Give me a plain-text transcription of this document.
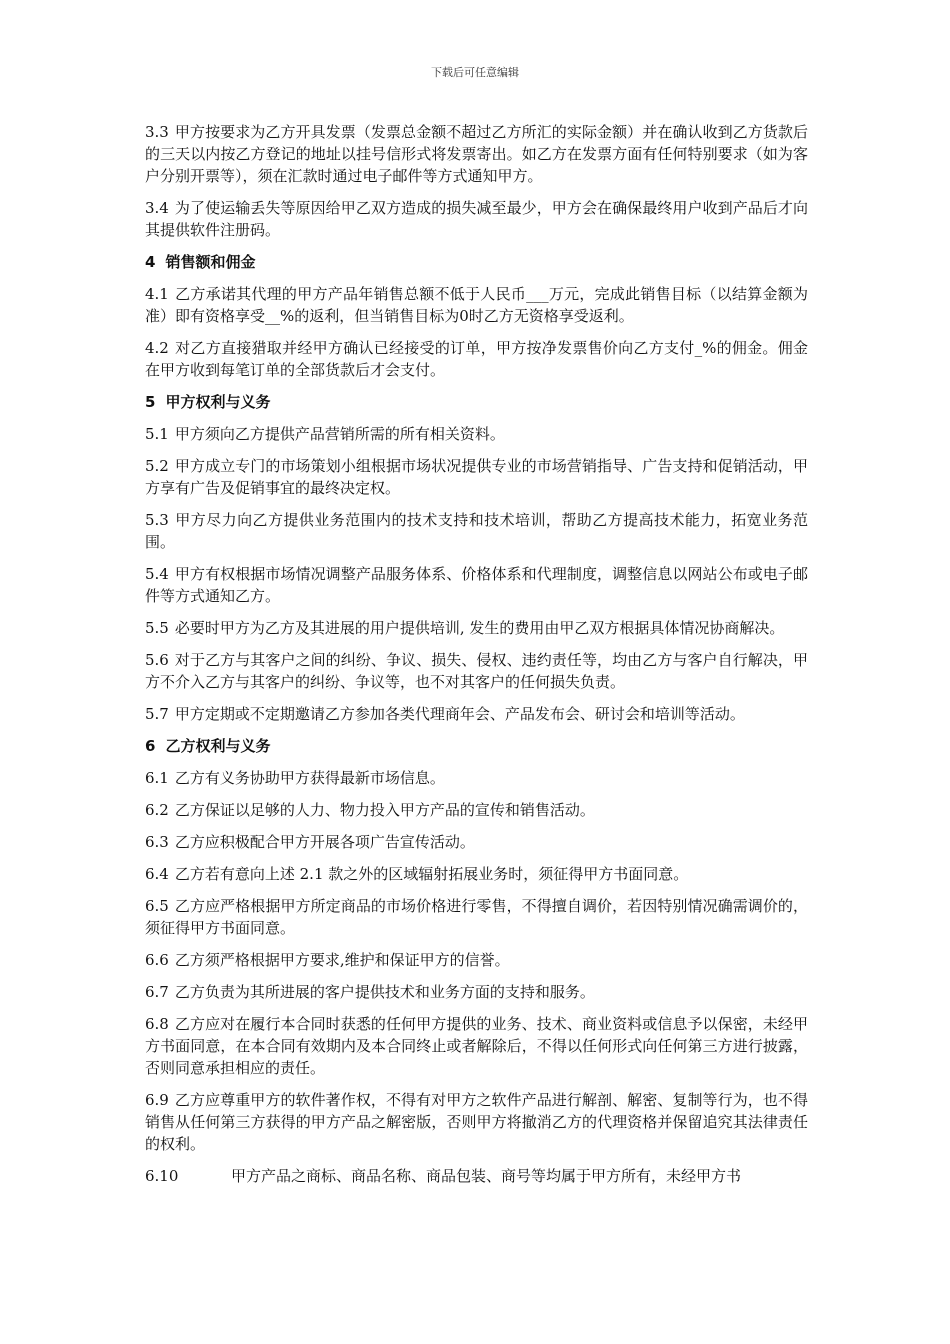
下载后可任意编辑
3.3 甲方按要求为乙方开具发票（发票总金额不超过乙方所汇的实际金额）并在确认收到乙方货款后的三天以内按乙方登记的地址以挂号信形式将发票寄出。如乙方在发票方面有任何特别要求（如为客户分别开票等），须在汇款时通过电子邮件等方式通知甲方。
3.4 为了使运输丢失等原因给甲乙双方造成的损失减至最少，甲方会在确保最终用户收到产品后才向其提供软件注册码。
4 销售额和佣金
4.1 乙方承诺其代理的甲方产品年销售总额不低于人民币___万元，完成此销售目标（以结算金额为准）即有资格享受__%的返利，但当销售目标为0时乙方无资格享受返利。
4.2 对乙方直接猎取并经甲方确认已经接受的订单，甲方按净发票售价向乙方支付_%的佣金。佣金在甲方收到每笔订单的全部货款后才会支付。
5 甲方权利与义务
5.1 甲方须向乙方提供产品营销所需的所有相关资料。
5.2 甲方成立专门的市场策划小组根据市场状况提供专业的市场营销指导、广告支持和促销活动，甲方享有广告及促销事宜的最终决定权。
5.3 甲方尽力向乙方提供业务范围内的技术支持和技术培训，帮助乙方提高技术能力，拓宽业务范围。
5.4 甲方有权根据市场情况调整产品服务体系、价格体系和代理制度，调整信息以网站公布或电子邮件等方式通知乙方。
5.5 必要时甲方为乙方及其进展的用户提供培训, 发生的费用由甲乙双方根据具体情况协商解决。
5.6 对于乙方与其客户之间的纠纷、争议、损失、侵权、违约责任等，均由乙方与客户自行解决，甲方不介入乙方与其客户的纠纷、争议等，也不对其客户的任何损失负责。
5.7 甲方定期或不定期邀请乙方参加各类代理商年会、产品发布会、研讨会和培训等活动。
6 乙方权利与义务
6.1 乙方有义务协助甲方获得最新市场信息。
6.2 乙方保证以足够的人力、物力投入甲方产品的宣传和销售活动。
6.3 乙方应积极配合甲方开展各项广告宣传活动。
6.4 乙方若有意向上述 2.1 款之外的区域辐射拓展业务时，须征得甲方书面同意。
6.5 乙方应严格根据甲方所定商品的市场价格进行零售，不得擅自调价，若因特别情况确需调价的，须征得甲方书面同意。
6.6 乙方须严格根据甲方要求,维护和保证甲方的信誉。
6.7 乙方负责为其所进展的客户提供技术和业务方面的支持和服务。
6.8 乙方应对在履行本合同时获悉的任何甲方提供的业务、技术、商业资料或信息予以保密，未经甲方书面同意，在本合同有效期内及本合同终止或者解除后，不得以任何形式向任何第三方进行披露，否则同意承担相应的责任。
6.9 乙方应尊重甲方的软件著作权，不得有对甲方之软件产品进行解剖、解密、复制等行为，也不得销售从任何第三方获得的甲方产品之解密版，否则甲方将撤消乙方的代理资格并保留追究其法律责任的权利。
6.10	甲方产品之商标、商品名称、商品包装、商号等均属于甲方所有，未经甲方书
